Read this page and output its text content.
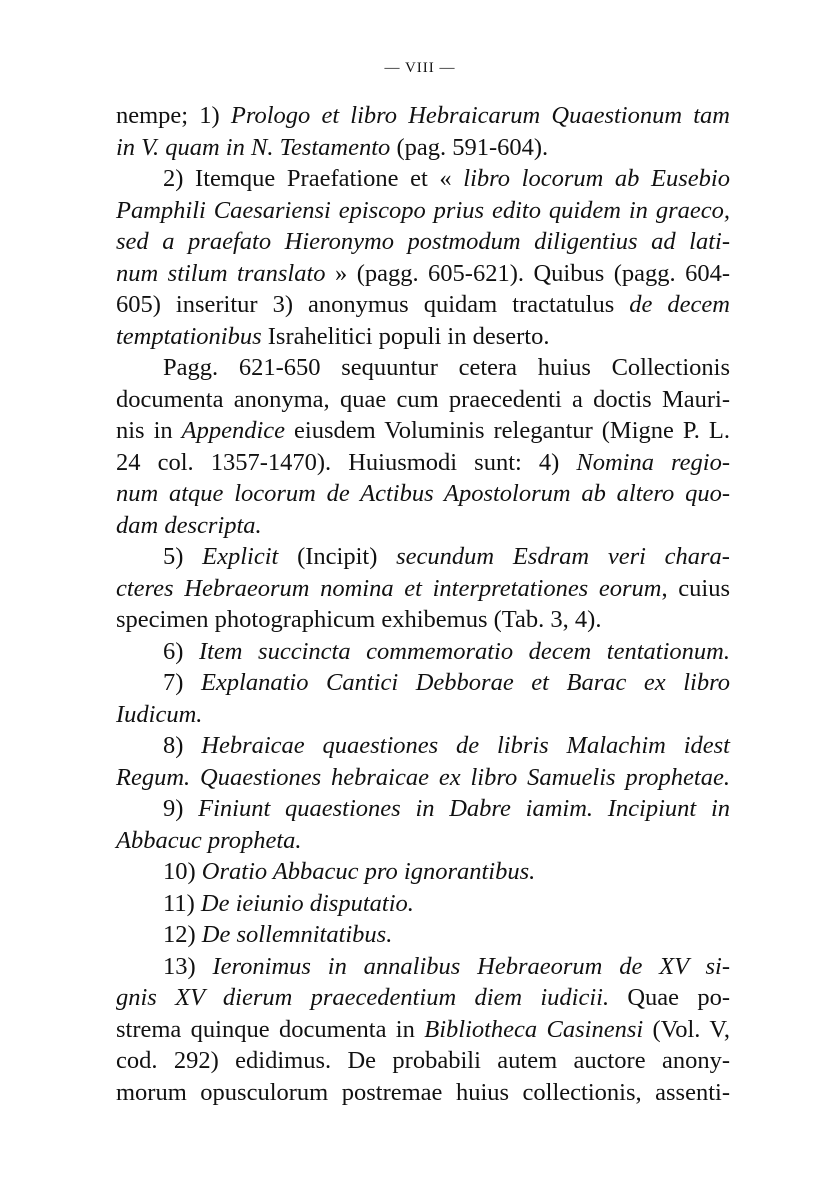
— VIII —
nempe; 1) Prologo et libro Hebraicarum Quaestionum tam
in V. quam in N. Testamento (pag. 591-604).
2) Itemque Praefatione et « libro locorum ab Eusebio
Pamphili Caesariensi episcopo prius edito quidem in graeco,
sed a praefato Hieronymo postmodum diligentius ad lati-
num stilum translato » (pagg. 605-621). Quibus (pagg. 604-
605) inseritur 3) anonymus quidam tractatulus de decem
temptationibus Israhelitici populi in deserto.
Pagg. 621-650 sequuntur cetera huius Collectionis
documenta anonyma, quae cum praecedenti a doctis Mauri-
nis in Appendice eiusdem Voluminis relegantur (Migne P. L.
24 col. 1357-1470). Huiusmodi sunt: 4) Nomina regio-
num atque locorum de Actibus Apostolorum ab altero quo-
dam descripta.
5) Explicit (Incipit) secundum Esdram veri chara-
cteres Hebraeorum nomina et interpretationes eorum, cuius
specimen photographicum exhibemus (Tab. 3, 4).
6) Item succincta commemoratio decem tentationum.
7) Explanatio Cantici Debborae et Barac ex libro
Iudicum.
8) Hebraicae quaestiones de libris Malachim idest
Regum. Quaestiones hebraicae ex libro Samuelis prophetae.
9) Finiunt quaestiones in Dabre iamim. Incipiunt in
Abbacuc propheta.
10) Oratio Abbacuc pro ignorantibus.
11) De ieiunio disputatio.
12) De sollemnitatibus.
13) Ieronimus in annalibus Hebraeorum de XV si-
gnis XV dierum praecedentium diem iudicii. Quae po-
strema quinque documenta in Bibliotheca Casinensi (Vol. V,
cod. 292) edidimus. De probabili autem auctore anony-
morum opusculorum postremae huius collectionis, assenti-
